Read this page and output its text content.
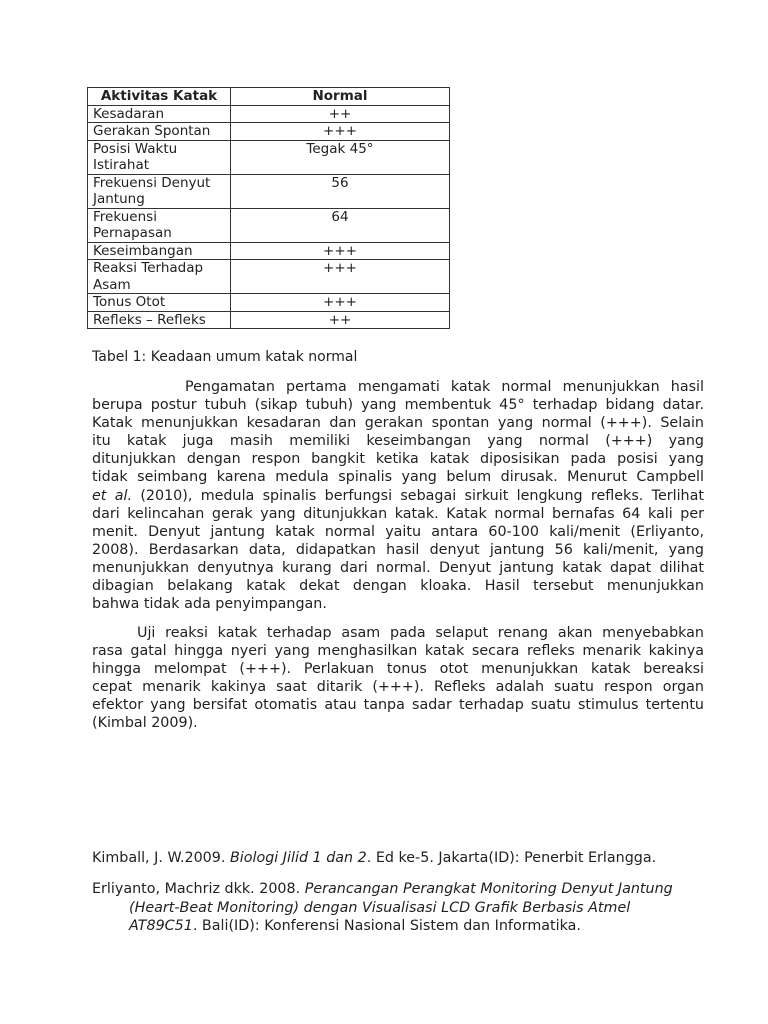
Aktivitas Katak	Normal
Kesadaran	++
Gerakan Spontan	+++
Posisi Waktu Istirahat	Tegak 45°
Frekuensi Denyut Jantung	56
Frekuensi Pernapasan	64
Keseimbangan	+++
Reaksi Terhadap Asam	+++
Tonus Otot	+++
Refleks – Refleks	++
Tabel 1: Keadaan umum katak normal
Pengamatan pertama mengamati katak normal menunjukkan hasil
berupa postur tubuh (sikap tubuh) yang membentuk 45° terhadap bidang datar.
Katak menunjukkan kesadaran dan gerakan spontan yang normal (+++). Selain
itu katak juga masih memiliki keseimbangan yang normal (+++) yang
ditunjukkan dengan respon bangkit ketika katak diposisikan pada posisi yang
tidak seimbang karena medula spinalis yang belum dirusak. Menurut Campbell
et al. (2010), medula spinalis berfungsi sebagai sirkuit lengkung refleks. Terlihat
dari kelincahan gerak yang ditunjukkan katak. Katak normal bernafas 64 kali per
menit. Denyut jantung katak normal yaitu antara 60-100 kali/menit (Erliyanto,
2008). Berdasarkan data, didapatkan hasil denyut jantung 56 kali/menit, yang
menunjukkan denyutnya kurang dari normal. Denyut jantung katak dapat dilihat
dibagian belakang katak dekat dengan kloaka. Hasil tersebut menunjukkan
bahwa tidak ada penyimpangan.
Uji reaksi katak terhadap asam pada selaput renang akan menyebabkan
rasa gatal hingga nyeri yang menghasilkan katak secara refleks menarik kakinya
hingga melompat (+++). Perlakuan tonus otot menunjukkan katak bereaksi
cepat menarik kakinya saat ditarik (+++). Refleks adalah suatu respon organ
efektor yang bersifat otomatis atau tanpa sadar terhadap suatu stimulus tertentu
(Kimbal 2009).
Kimball, J. W.2009. Biologi Jilid 1 dan 2. Ed ke-5. Jakarta(ID): Penerbit Erlangga.
Erliyanto, Machriz dkk. 2008. Perancangan Perangkat Monitoring Denyut Jantung
(Heart-Beat Monitoring) dengan Visualisasi LCD Grafik Berbasis Atmel
AT89C51. Bali(ID): Konferensi Nasional Sistem dan Informatika.
